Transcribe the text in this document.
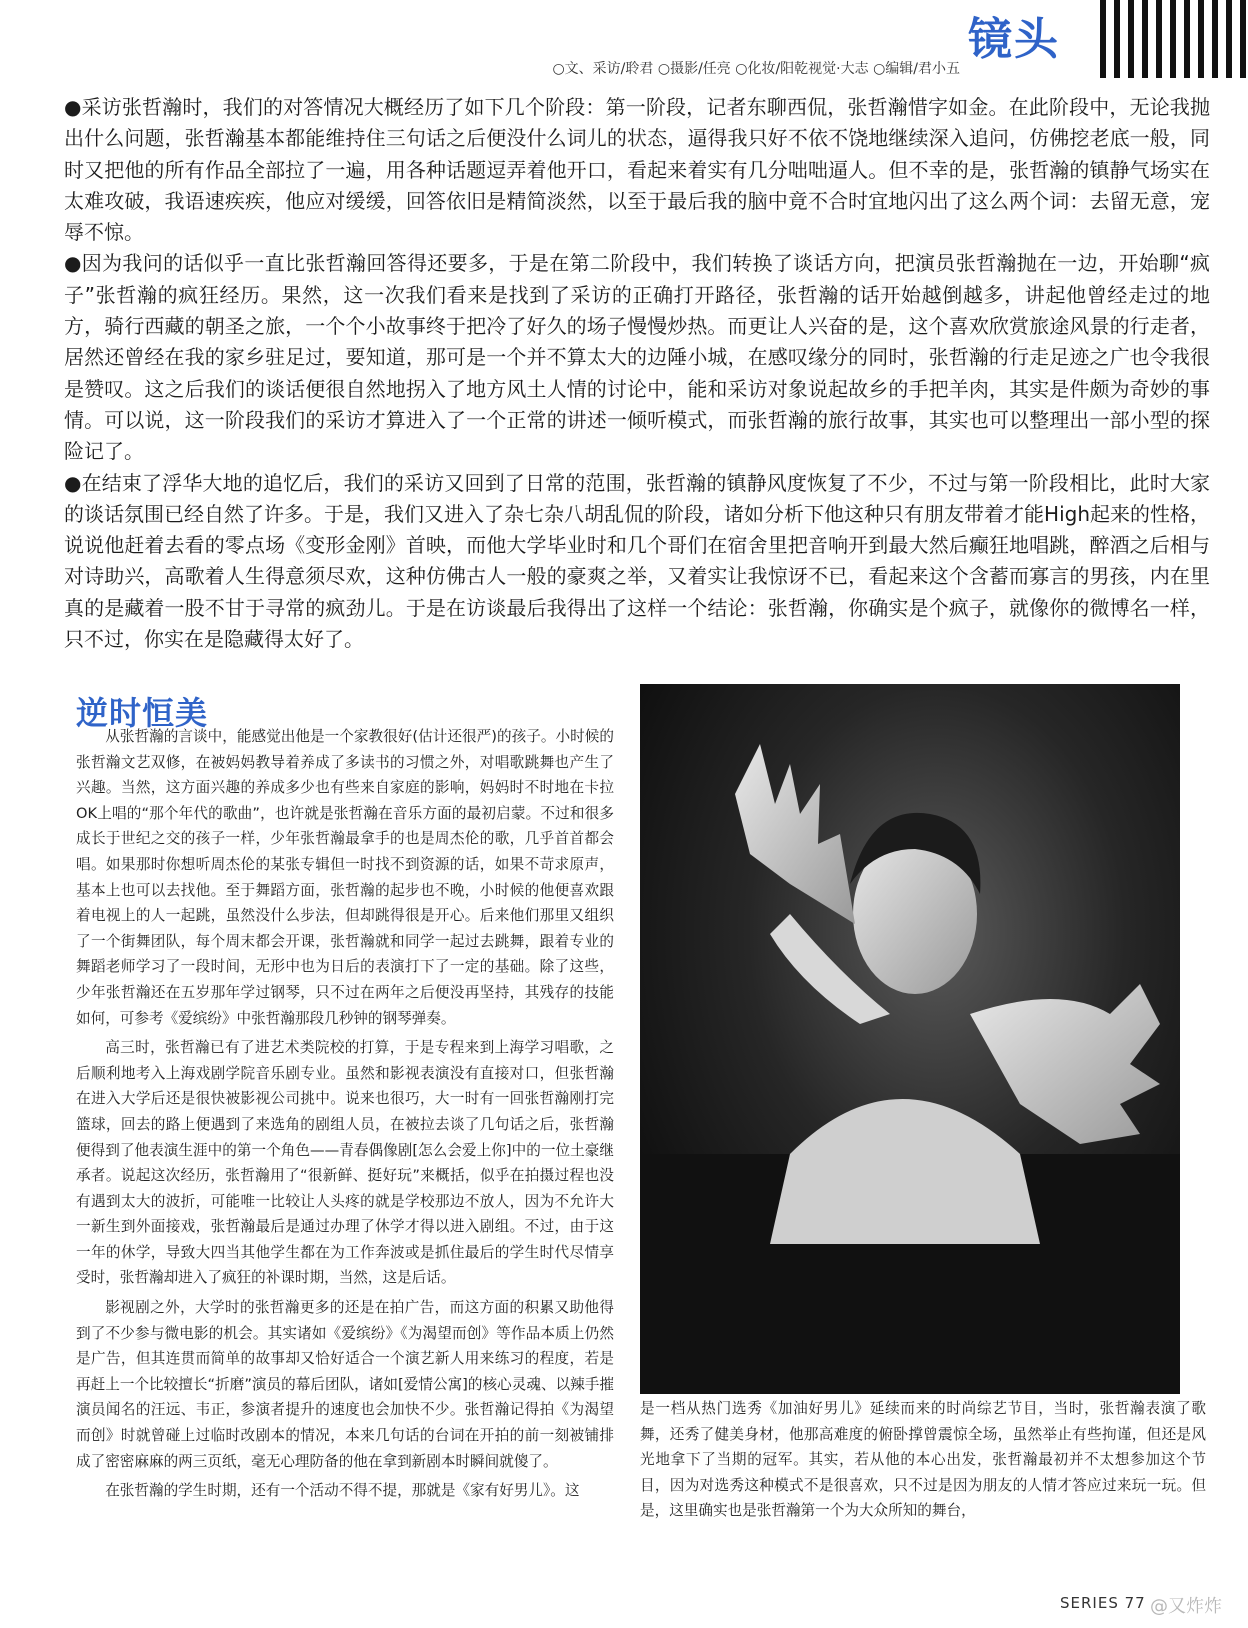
镜头
○文、采访/聆君 ○摄影/任亮 ○化妆/阳乾视觉·大志 ○编辑/君小五

●采访张哲瀚时，我们的对答情况大概经历了如下几个阶段：第一阶段，记者东聊西侃，张哲瀚惜字如金。在此阶段中，无论我抛出什么问题，张哲瀚基本都能维持住三句话之后便没什么词儿的状态，逼得我只好不依不饶地继续深入追问，仿佛挖老底一般，同时又把他的所有作品全部拉了一遍，用各种话题逗弄着他开口，看起来着实有几分咄咄逼人。但不幸的是，张哲瀚的镇静气场实在太难攻破，我语速疾疾，他应对缓缓，回答依旧是精简淡然，以至于最后我的脑中竟不合时宜地闪出了这么两个词：去留无意，宠辱不惊。

●因为我问的话似乎一直比张哲瀚回答得还要多，于是在第二阶段中，我们转换了谈话方向，把演员张哲瀚抛在一边，开始聊“疯子”张哲瀚的疯狂经历。果然，这一次我们看来是找到了采访的正确打开路径，张哲瀚的话开始越倒越多，讲起他曾经走过的地方，骑行西藏的朝圣之旅，一个个小故事终于把冷了好久的场子慢慢炒热。而更让人兴奋的是，这个喜欢欣赏旅途风景的行走者，居然还曾经在我的家乡驻足过，要知道，那可是一个并不算太大的边陲小城，在感叹缘分的同时，张哲瀚的行走足迹之广也令我很是赞叹。这之后我们的谈话便很自然地拐入了地方风土人情的讨论中，能和采访对象说起故乡的手把羊肉，其实是件颇为奇妙的事情。可以说，这一阶段我们的采访才算进入了一个正常的讲述一倾听模式，而张哲瀚的旅行故事，其实也可以整理出一部小型的探险记了。

●在结束了浮华大地的追忆后，我们的采访又回到了日常的范围，张哲瀚的镇静风度恢复了不少，不过与第一阶段相比，此时大家的谈话氛围已经自然了许多。于是，我们又进入了杂七杂八胡乱侃的阶段，诸如分析下他这种只有朋友带着才能High起来的性格，说说他赶着去看的零点场《变形金刚》首映，而他大学毕业时和几个哥们在宿舍里把音响开到最大然后癫狂地唱跳，醉酒之后相与对诗助兴，高歌着人生得意须尽欢，这种仿佛古人一般的豪爽之举，又着实让我惊讶不已，看起来这个含蓄而寡言的男孩，内在里真的是藏着一股不甘于寻常的疯劲儿。于是在访谈最后我得出了这样一个结论：张哲瀚，你确实是个疯子，就像你的微博名一样，只不过，你实在是隐藏得太好了。

逆时恒美

从张哲瀚的言谈中，能感觉出他是一个家教很好(估计还很严)的孩子。小时候的张哲瀚文艺双修，在被妈妈教导着养成了多读书的习惯之外，对唱歌跳舞也产生了兴趣。当然，这方面兴趣的养成多少也有些来自家庭的影响，妈妈时不时地在卡拉OK上唱的“那个年代的歌曲”，也许就是张哲瀚在音乐方面的最初启蒙。不过和很多成长于世纪之交的孩子一样，少年张哲瀚最拿手的也是周杰伦的歌，几乎首首都会唱。如果那时你想听周杰伦的某张专辑但一时找不到资源的话，如果不苛求原声，基本上也可以去找他。至于舞蹈方面，张哲瀚的起步也不晚，小时候的他便喜欢跟着电视上的人一起跳，虽然没什么步法，但却跳得很是开心。后来他们那里又组织了一个街舞团队，每个周末都会开课，张哲瀚就和同学一起过去跳舞，跟着专业的舞蹈老师学习了一段时间，无形中也为日后的表演打下了一定的基础。除了这些，少年张哲瀚还在五岁那年学过钢琴，只不过在两年之后便没再坚持，其残存的技能如何，可参考《爱缤纷》中张哲瀚那段几秒钟的钢琴弹奏。

高三时，张哲瀚已有了进艺术类院校的打算，于是专程来到上海学习唱歌，之后顺利地考入上海戏剧学院音乐剧专业。虽然和影视表演没有直接对口，但张哲瀚在进入大学后还是很快被影视公司挑中。说来也很巧，大一时有一回张哲瀚刚打完篮球，回去的路上便遇到了来选角的剧组人员，在被拉去谈了几句话之后，张哲瀚便得到了他表演生涯中的第一个角色——青春偶像剧[怎么会爱上你]中的一位土豪继承者。说起这次经历，张哲瀚用了“很新鲜、挺好玩”来概括，似乎在拍摄过程也没有遇到太大的波折，可能唯一比较让人头疼的就是学校那边不放人，因为不允许大一新生到外面接戏，张哲瀚最后是通过办理了休学才得以进入剧组。不过，由于这一年的休学，导致大四当其他学生都在为工作奔波或是抓住最后的学生时代尽情享受时，张哲瀚却进入了疯狂的补课时期，当然，这是后话。

影视剧之外，大学时的张哲瀚更多的还是在拍广告，而这方面的积累又助他得到了不少参与微电影的机会。其实诸如《爱缤纷》《为渴望而创》等作品本质上仍然是广告，但其连贯而简单的故事却又恰好适合一个演艺新人用来练习的程度，若是再赶上一个比较擅长“折磨”演员的幕后团队，诸如[爱情公寓]的核心灵魂、以辣手摧演员闻名的汪远、韦正，参演者提升的速度也会加快不少。张哲瀚记得拍《为渴望而创》时就曾碰上过临时改剧本的情况，本来几句话的台词在开拍的前一刻被铺排成了密密麻麻的两三页纸，毫无心理防备的他在拿到新剧本时瞬间就傻了。

在张哲瀚的学生时期，还有一个活动不得不提，那就是《家有好男儿》。这

是一档从热门选秀《加油好男儿》延续而来的时尚综艺节目，当时，张哲瀚表演了歌舞，还秀了健美身材，他那高难度的俯卧撑曾震惊全场，虽然举止有些拘谨，但还是风光地拿下了当期的冠军。其实，若从他的本心出发，张哲瀚最初并不太想参加这个节目，因为对选秀这种模式不是很喜欢，只不过是因为朋友的人情才答应过来玩一玩。但是，这里确实也是张哲瀚第一个为大众所知的舞台，
SERIES 77 @又炸炸
